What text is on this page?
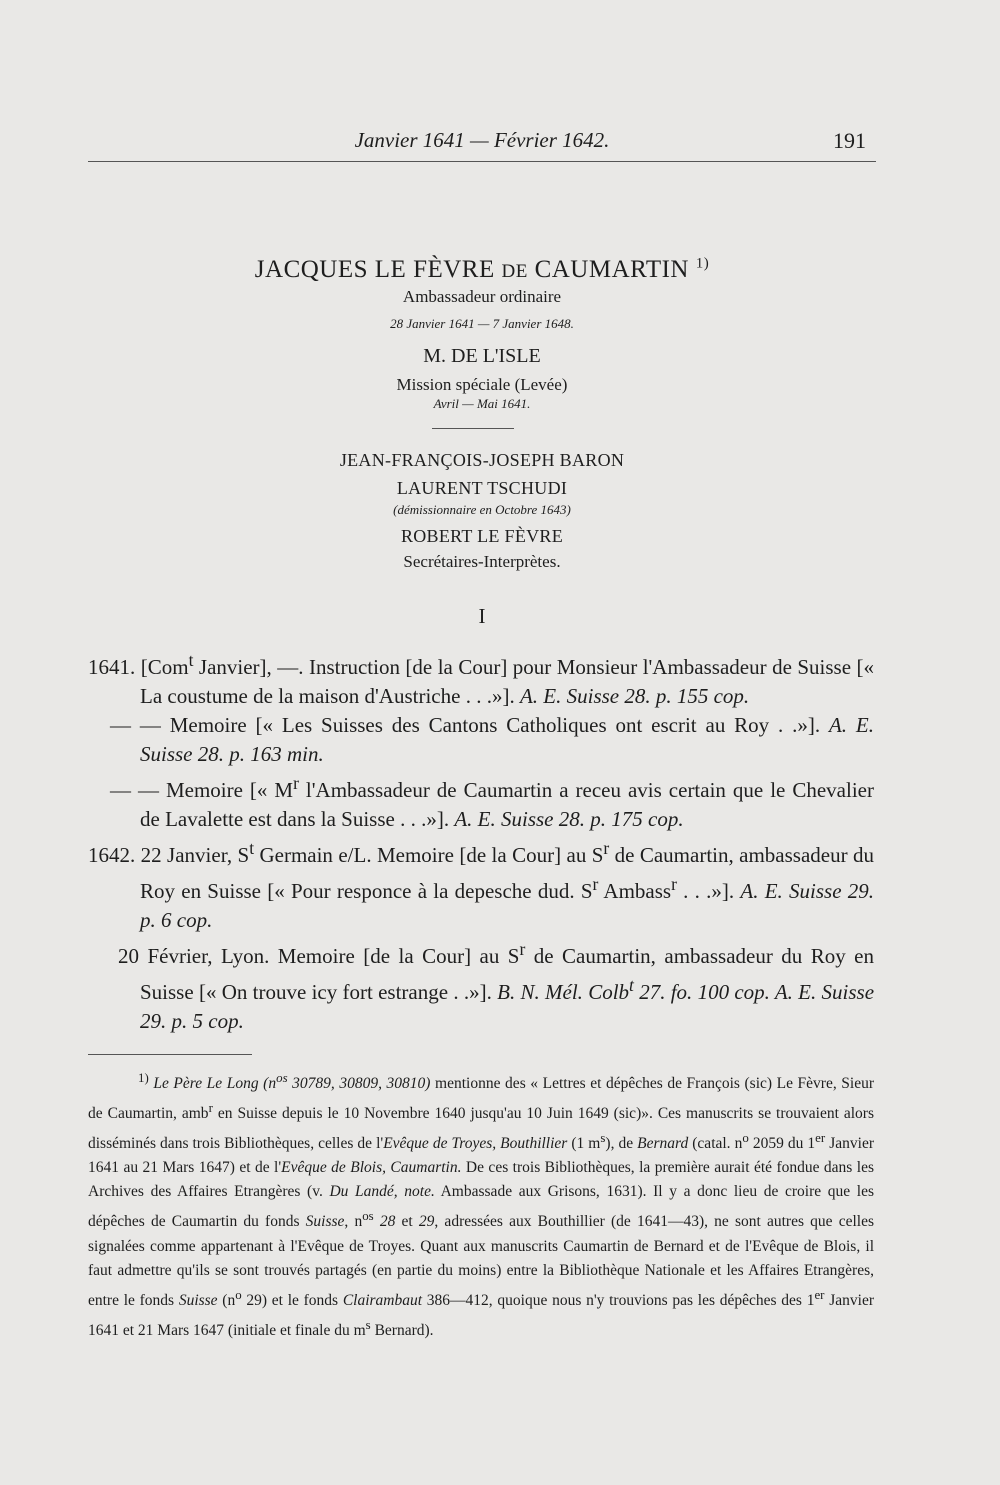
Janvier 1641 — Février 1642.	191
JACQUES LE FÈVRE DE CAUMARTIN $^{1)}$
Ambassadeur ordinaire
28 Janvier 1641 — 7 Janvier 1648.
M. DE L'ISLE
Mission spéciale (Levée)
Avril — Mai 1641.
JEAN-FRANÇOIS-JOSEPH BARON
LAURENT TSCHUDI
(démissionnaire en Octobre 1643)
ROBERT LE FÈVRE
Secrétaires-Interprètes.
I

1641. [Com$^t$ Janvier], —. Instruction [de la Cour] pour Monsieur l'Ambassadeur de Suisse [« La coustume de la maison d'Austriche . . .»]. A. E. Suisse 28. p. 155 cop.

— — Memoire [« Les Suisses des Cantons Catholiques ont escrit au Roy . .»]. A. E. Suisse 28. p. 163 min.

— — Memoire [« $M^r$ l'Ambassadeur de Caumartin a receu avis certain que le Chevalier de Lavalette est dans la Suisse . . .»]. A. E. Suisse 28. p. 175 cop.

1642. 22 Janvier, $S^t$ Germain e/L. Memoire [de la Cour] au $S^r$ de Caumartin, ambassadeur du Roy en Suisse [« Pour responce à la depesche dud. $S^r$ Ambass$^r$ . . .»]. A. E. Suisse 29. p. 6 cop.

20 Février, Lyon. Memoire [de la Cour] au $S^r$ de Caumartin, ambassadeur du Roy en Suisse [« On trouve icy fort estrange . .»]. B. N. Mél. Colb$^t$ 27. fo. 100 cop. A. E. Suisse 29. p. 5 cop.

$^{1)}$ Le Père Le Long ($n^{os}$ 30789, 30809, 30810) mentionne des « Lettres et dépêches de François (sic) Le Fèvre, Sieur de Caumartin, amb$^r$ en Suisse depuis le 10 Novembre 1640 jusqu'au 10 Juin 1649 (sic)». Ces manuscrits se trouvaient alors disséminés dans trois Bibliothèques, celles de l'Evêque de Troyes, Bouthillier (1 $m^s$), de Bernard (catal. $n^o$ 2059 du 1er Janvier 1641 au 21 Mars 1647) et de l'Evêque de Blois, Caumartin. De ces trois Bibliothèques, la première aurait été fondue dans les Archives des Affaires Etrangères (v. Du Landé, note. Ambassade aux Grisons, 1631). Il y a donc lieu de croire que les dépêches de Caumartin du fonds Suisse, $n^{os}$ 28 et 29, adressées aux Bouthillier (de 1641—43), ne sont autres que celles signalées comme appartenant à l'Evêque de Troyes. Quant aux manuscrits Caumartin de Bernard et de l'Evêque de Blois, il faut admettre qu'ils se sont trouvés partagés (en partie du moins) entre la Bibliothèque Nationale et les Affaires Etrangères, entre le fonds Suisse ($n^o$ 29) et le fonds Clairambaut 386—412, quoique nous n'y trouvions pas les dépêches des 1er Janvier 1641 et 21 Mars 1647 (initiale et finale du $m^s$ Bernard).
